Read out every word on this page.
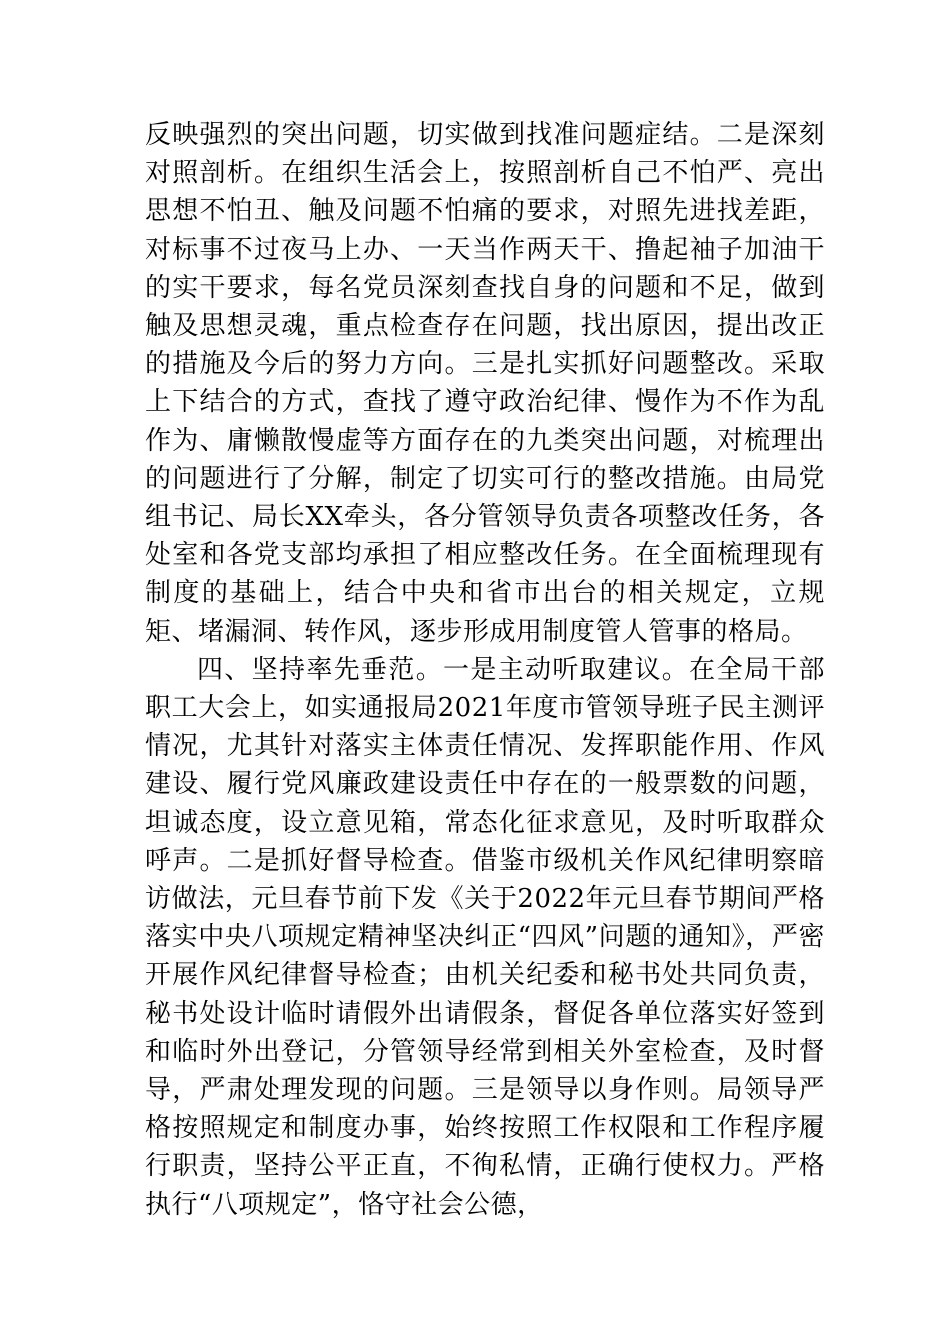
反映强烈的突出问题，切实做到找准问题症结。二是深刻对照剖析。在组织生活会上，按照剖析自己不怕严、亮出思想不怕丑、触及问题不怕痛的要求，对照先进找差距，对标事不过夜马上办、一天当作两天干、撸起袖子加油干的实干要求，每名党员深刻查找自身的问题和不足，做到触及思想灵魂，重点检查存在问题，找出原因，提出改正的措施及今后的努力方向。三是扎实抓好问题整改。采取上下结合的方式，查找了遵守政治纪律、慢作为不作为乱作为、庸懒散慢虚等方面存在的九类突出问题，对梳理出的问题进行了分解，制定了切实可行的整改措施。由局党组书记、局长XX牵头，各分管领导负责各项整改任务，各处室和各党支部均承担了相应整改任务。在全面梳理现有制度的基础上，结合中央和省市出台的相关规定，立规矩、堵漏洞、转作风，逐步形成用制度管人管事的格局。

四、坚持率先垂范。一是主动听取建议。在全局干部职工大会上，如实通报局2021年度市管领导班子民主测评情况，尤其针对落实主体责任情况、发挥职能作用、作风建设、履行党风廉政建设责任中存在的一般票数的问题，坦诚态度，设立意见箱，常态化征求意见，及时听取群众呼声。二是抓好督导检查。借鉴市级机关作风纪律明察暗访做法，元旦春节前下发《关于2022年元旦春节期间严格落实中央八项规定精神坚决纠正“四风”问题的通知》，严密开展作风纪律督导检查；由机关纪委和秘书处共同负责，秘书处设计临时请假外出请假条，督促各单位落实好签到和临时外出登记，分管领导经常到相关外室检查，及时督导，严肃处理发现的问题。三是领导以身作则。局领导严格按照规定和制度办事，始终按照工作权限和工作程序履行职责，坚持公平正直，不徇私情，正确行使权力。严格执行“八项规定”，恪守社会公德，
